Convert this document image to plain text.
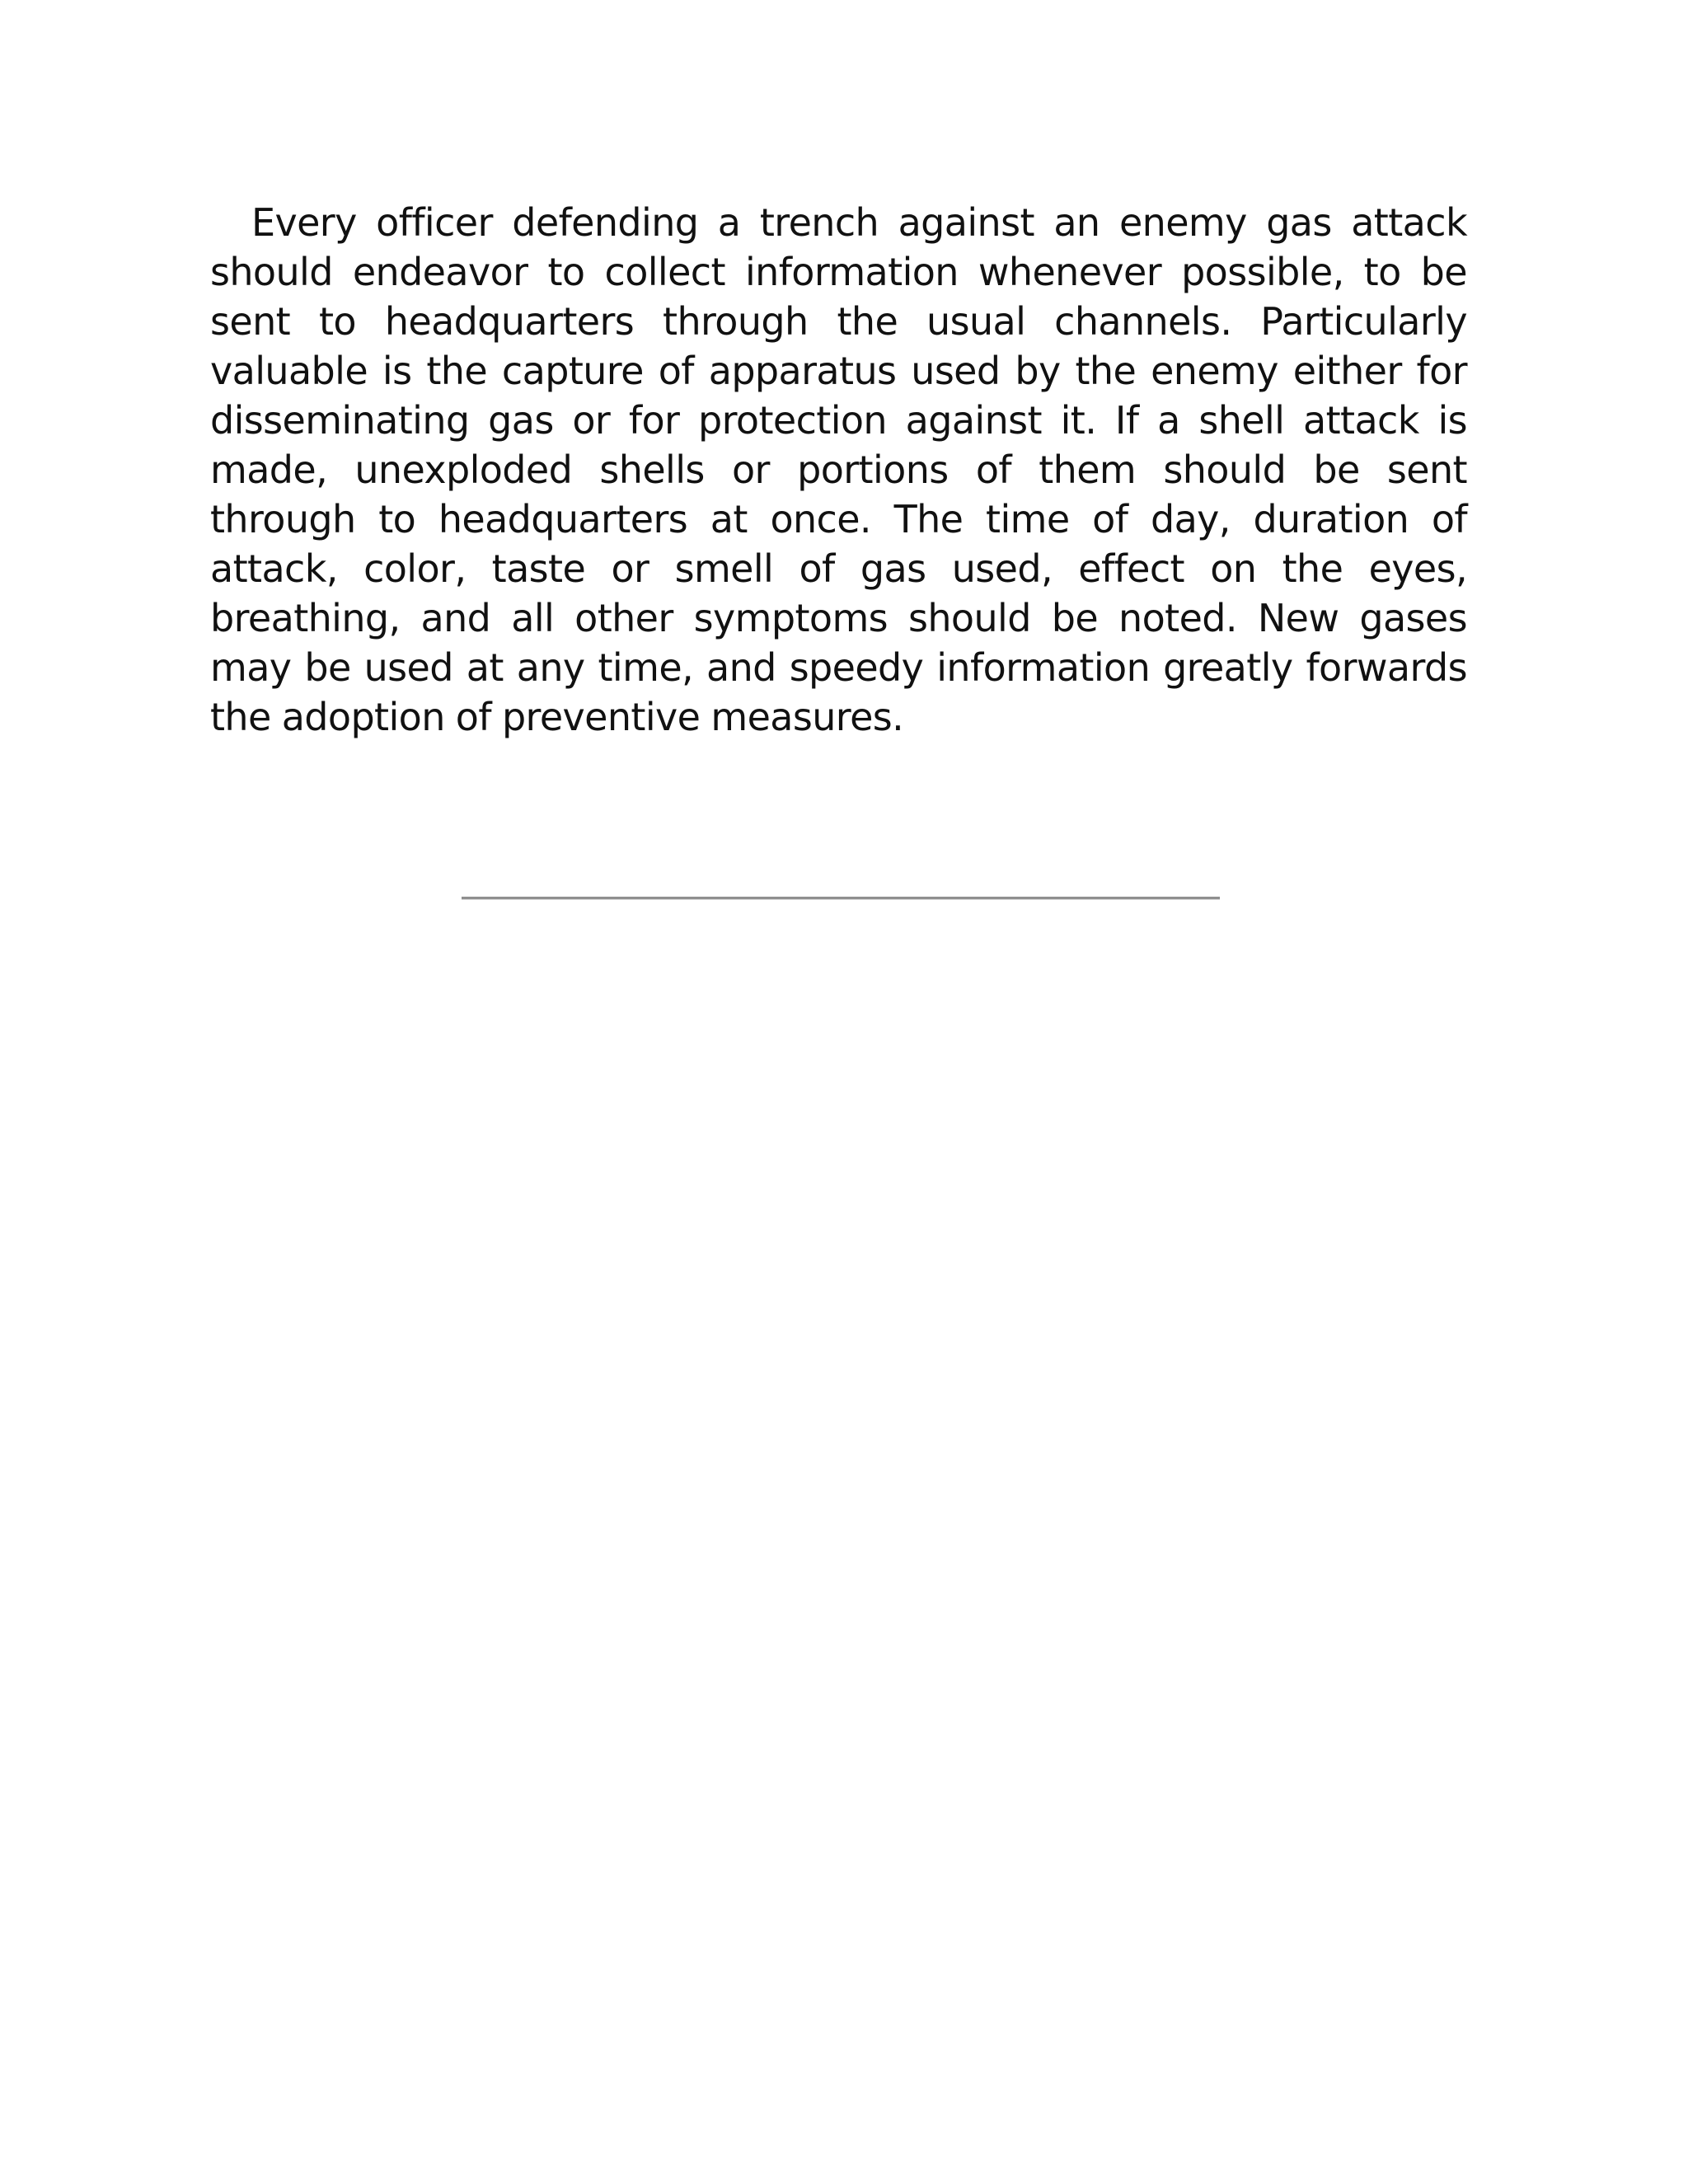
Every officer defending a trench against an enemy gas attack should endeavor to collect information whenever possible, to be sent to headquarters through the usual channels. Particularly valuable is the capture of apparatus used by the enemy either for disseminating gas or for protection against it. If a shell attack is made, unexploded shells or portions of them should be sent through to headquarters at once. The time of day, duration of attack, color, taste or smell of gas used, effect on the eyes, breathing, and all other symptoms should be noted. New gases may be used at any time, and speedy information greatly forwards the adoption of preventive measures.
